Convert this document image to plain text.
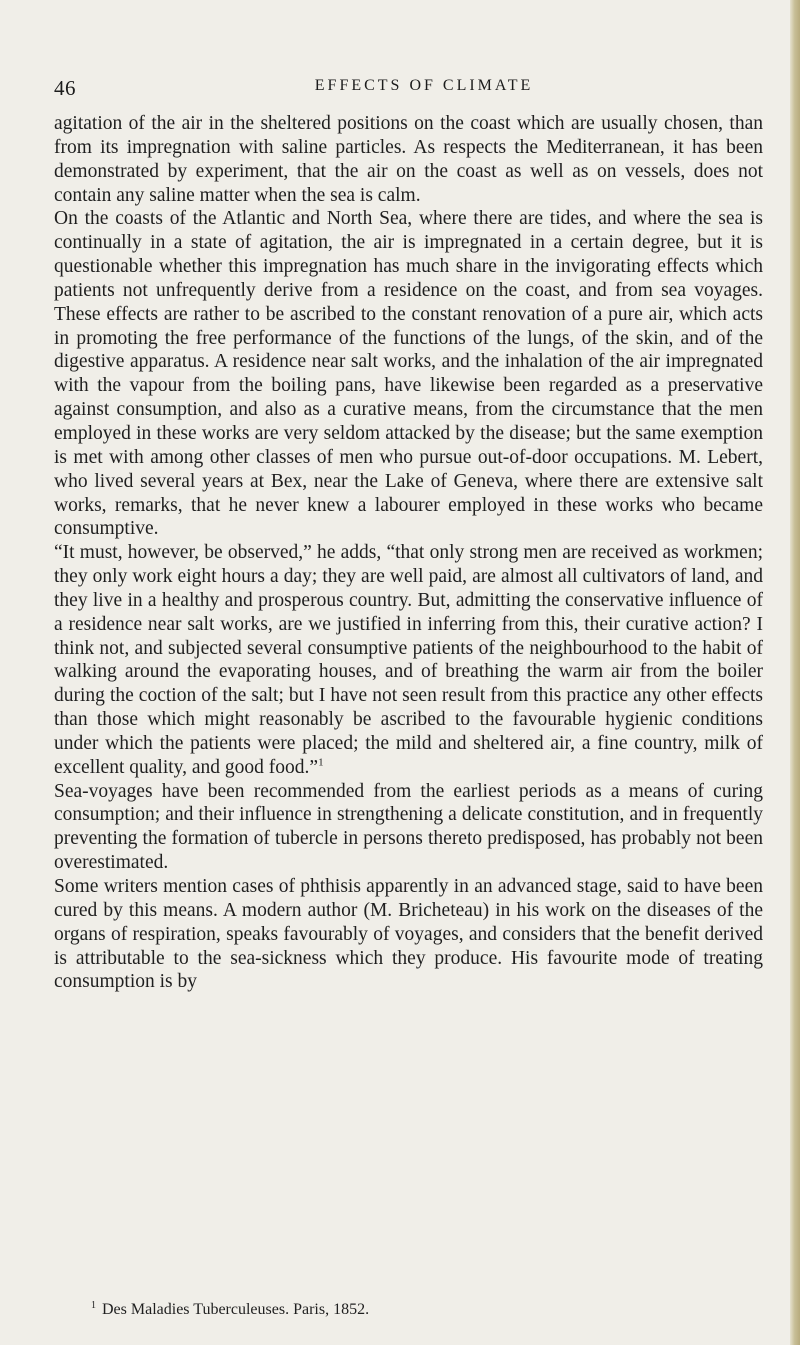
46	EFFECTS OF CLIMATE

agitation of the air in the sheltered positions on the coast which are usually chosen, than from its impregnation with saline particles. As respects the Mediterranean, it has been demonstrated by experiment, that the air on the coast as well as on vessels, does not contain any saline matter when the sea is calm.

On the coasts of the Atlantic and North Sea, where there are tides, and where the sea is continually in a state of agitation, the air is impregnated in a certain degree, but it is questionable whether this impregnation has much share in the invigorating effects which patients not unfrequently derive from a residence on the coast, and from sea voyages. These effects are rather to be ascribed to the constant renovation of a pure air, which acts in promoting the free performance of the functions of the lungs, of the skin, and of the digestive apparatus. A residence near salt works, and the inhalation of the air impregnated with the vapour from the boiling pans, have likewise been regarded as a preservative against consumption, and also as a curative means, from the circumstance that the men employed in these works are very seldom attacked by the disease; but the same exemption is met with among other classes of men who pursue out-of-door occupations. M. Lebert, who lived several years at Bex, near the Lake of Geneva, where there are extensive salt works, remarks, that he never knew a labourer employed in these works who became consumptive.

“It must, however, be observed,” he adds, “that only strong men are received as workmen; they only work eight hours a day; they are well paid, are almost all cultivators of land, and they live in a healthy and prosperous country. But, admitting the conservative influence of a residence near salt works, are we justified in inferring from this, their curative action? I think not, and subjected several consumptive patients of the neighbourhood to the habit of walking around the evaporating houses, and of breathing the warm air from the boiler during the coction of the salt; but I have not seen result from this practice any other effects than those which might reasonably be ascribed to the favourable hygienic conditions under which the patients were placed; the mild and sheltered air, a fine country, milk of excellent quality, and good food.”$^1$

Sea-voyages have been recommended from the earliest periods as a means of curing consumption; and their influence in strengthening a delicate constitution, and in frequently preventing the formation of tubercle in persons thereto predisposed, has probably not been overestimated.

Some writers mention cases of phthisis apparently in an advanced stage, said to have been cured by this means. A modern author (M. Bricheteau) in his work on the diseases of the organs of respiration, speaks favourably of voyages, and considers that the benefit derived is attributable to the sea-sickness which they produce. His favourite mode of treating consumption is by

$^1$ Des Maladies Tuberculeuses. Paris, 1852.
